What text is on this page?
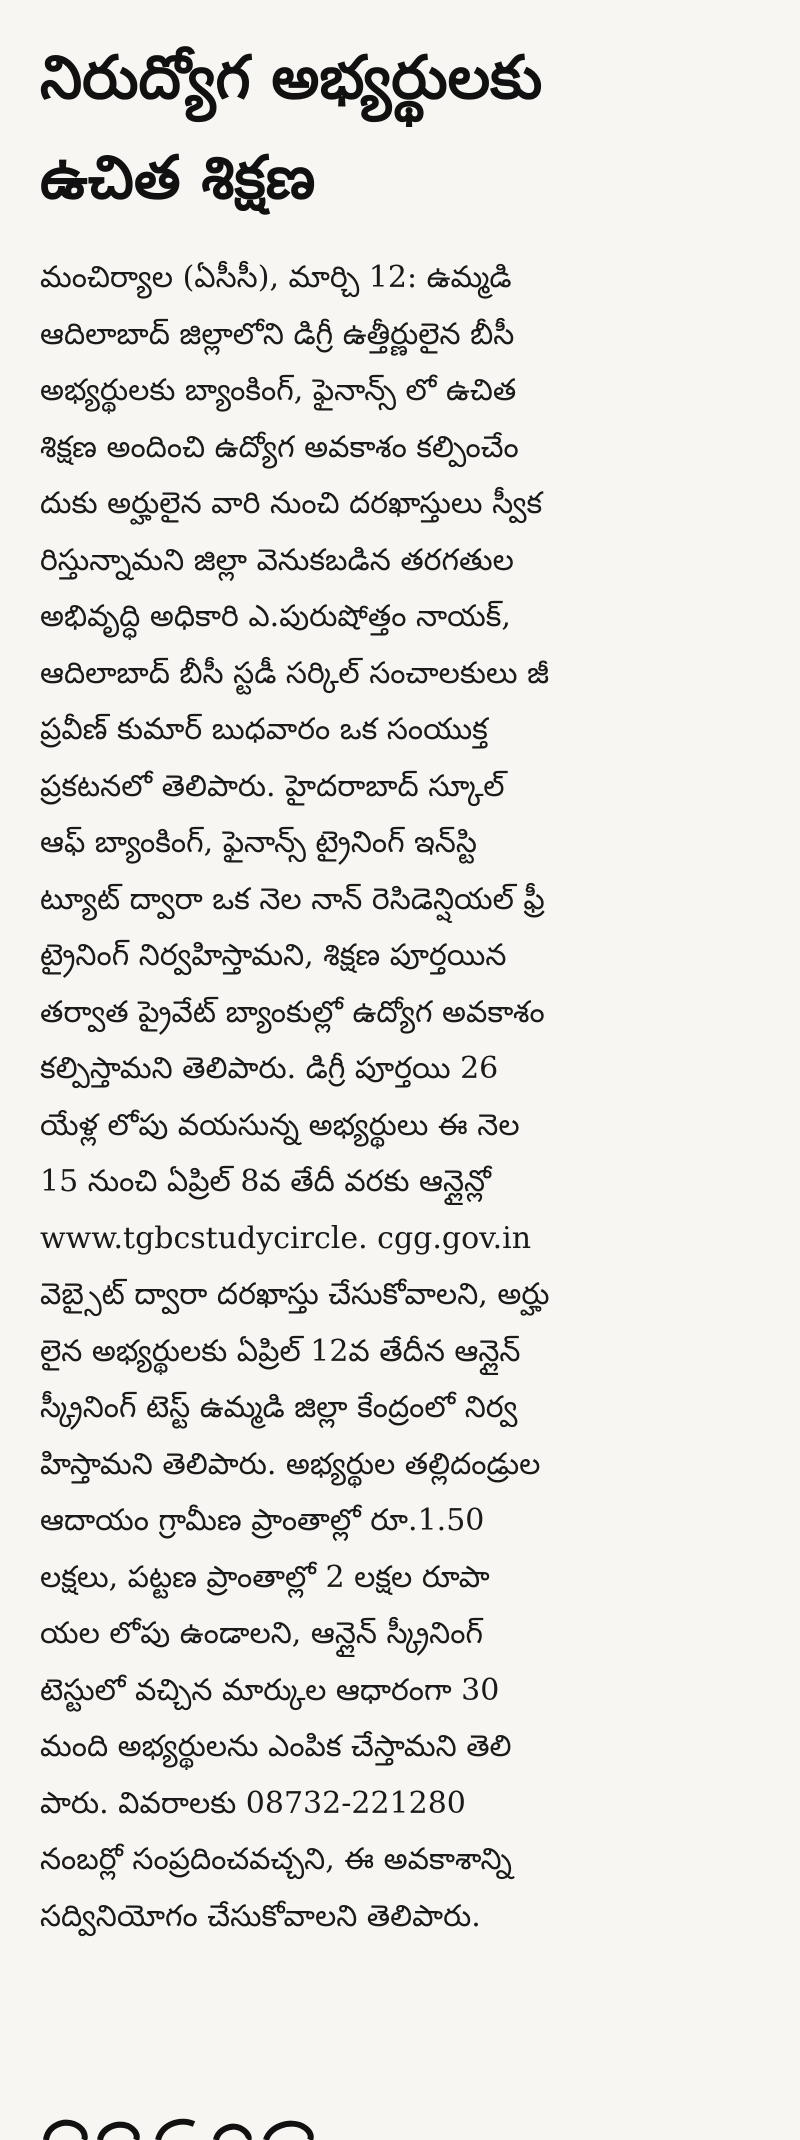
నిరుద్యోగ అభ్యర్థులకు
ఉచిత శిక్షణ
మంచిర్యాల (ఏసీసీ), మార్చి 12: ఉమ్మడి
ఆదిలాబాద్ జిల్లాలోని డిగ్రీ ఉత్తీర్ణులైన బీసీ
అభ్యర్థులకు బ్యాంకింగ్, ఫైనాన్స్ లో ఉచిత
శిక్షణ అందించి ఉద్యోగ అవకాశం కల్పించేం
దుకు అర్హులైన వారి నుంచి దరఖాస్తులు స్వీక
రిస్తున్నామని జిల్లా వెనుకబడిన తరగతుల
అభివృద్ధి అధికారి ఎ.పురుషోత్తం నాయక్,
ఆదిలాబాద్ బీసీ స్టడీ సర్కిల్ సంచాలకులు జీ
ప్రవీణ్ కుమార్ బుధవారం ఒక సంయుక్త
ప్రకటనలో తెలిపారు. హైదరాబాద్ స్కూల్
ఆఫ్ బ్యాంకింగ్, ఫైనాన్స్ ట్రైనింగ్ ఇన్‌స్టి
ట్యూట్ ద్వారా ఒక నెల నాన్ రెసిడెన్షియల్ ఫ్రీ
ట్రైనింగ్ నిర్వహిస్తామని, శిక్షణ పూర్తయిన
తర్వాత ప్రైవేట్ బ్యాంకుల్లో ఉద్యోగ అవకాశం
కల్పిస్తామని తెలిపారు. డిగ్రీ పూర్తయి 26
యేళ్ల లోపు వయసున్న అభ్యర్థులు ఈ నెల
15 నుంచి ఏప్రిల్ 8వ తేదీ వరకు ఆన్లైన్లో
www.tgbcstudycircle. cgg.gov.in
వెబ్సైట్ ద్వారా దరఖాస్తు చేసుకోవాలని, అర్హు
లైన అభ్యర్థులకు ఏప్రిల్ 12వ తేదీన ఆన్లైన్
స్క్రీనింగ్ టెస్ట్ ఉమ్మడి జిల్లా కేంద్రంలో నిర్వ
హిస్తామని తెలిపారు. అభ్యర్థుల తల్లిదండ్రుల
ఆదాయం గ్రామీణ ప్రాంతాల్లో రూ.1.50
లక్షలు, పట్టణ ప్రాంతాల్లో 2 లక్షల రూపా
యల లోపు ఉండాలని, ఆన్లైన్ స్క్రీనింగ్
టెస్టులో వచ్చిన మార్కుల ఆధారంగా 30
మంది అభ్యర్థులను ఎంపిక చేస్తామని తెలి
పారు. వివరాలకు 08732-221280
నంబర్లో సంప్రదించవచ్చని, ఈ అవకాశాన్ని
సద్వినియోగం చేసుకోవాలని తెలిపారు.
